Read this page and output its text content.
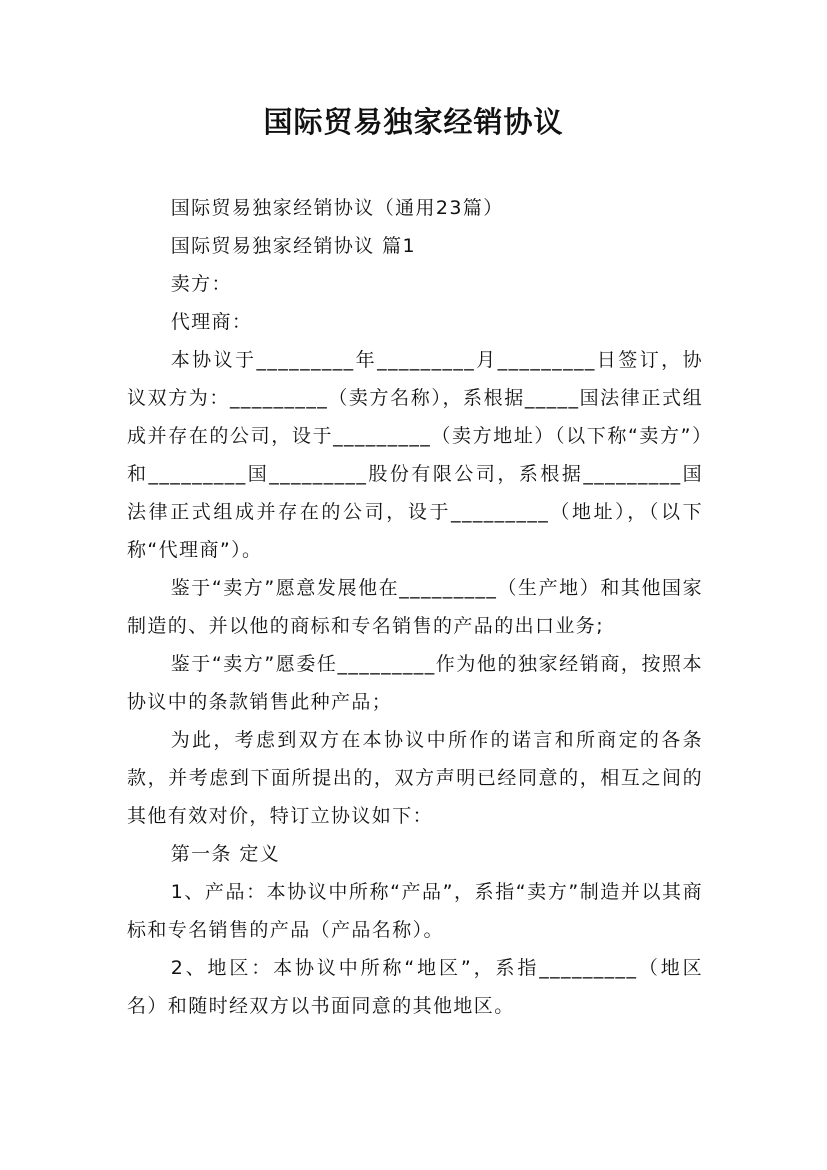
国际贸易独家经销协议

国际贸易独家经销协议（通用23篇）

国际贸易独家经销协议 篇1

卖方：

代理商：

本协议于_________年_________月_________日签订，协议双方为：_________（卖方名称），系根据_____国法律正式组成并存在的公司，设于_________（卖方地址）（以下称“卖方”）和_________国_________股份有限公司，系根据_________国法律正式组成并存在的公司，设于_________（地址），（以下称“代理商”）。

鉴于“卖方”愿意发展他在_________（生产地）和其他国家制造的、并以他的商标和专名销售的产品的出口业务;

鉴于“卖方”愿委任_________作为他的独家经销商，按照本协议中的条款销售此种产品；

为此，考虑到双方在本协议中所作的诺言和所商定的各条款，并考虑到下面所提出的，双方声明已经同意的，相互之间的其他有效对价，特订立协议如下：

第一条 定义

1、产品：本协议中所称“产品”，系指“卖方”制造并以其商标和专名销售的产品（产品名称）。

2、地区：本协议中所称“地区”，系指_________（地区名）和随时经双方以书面同意的其他地区。
